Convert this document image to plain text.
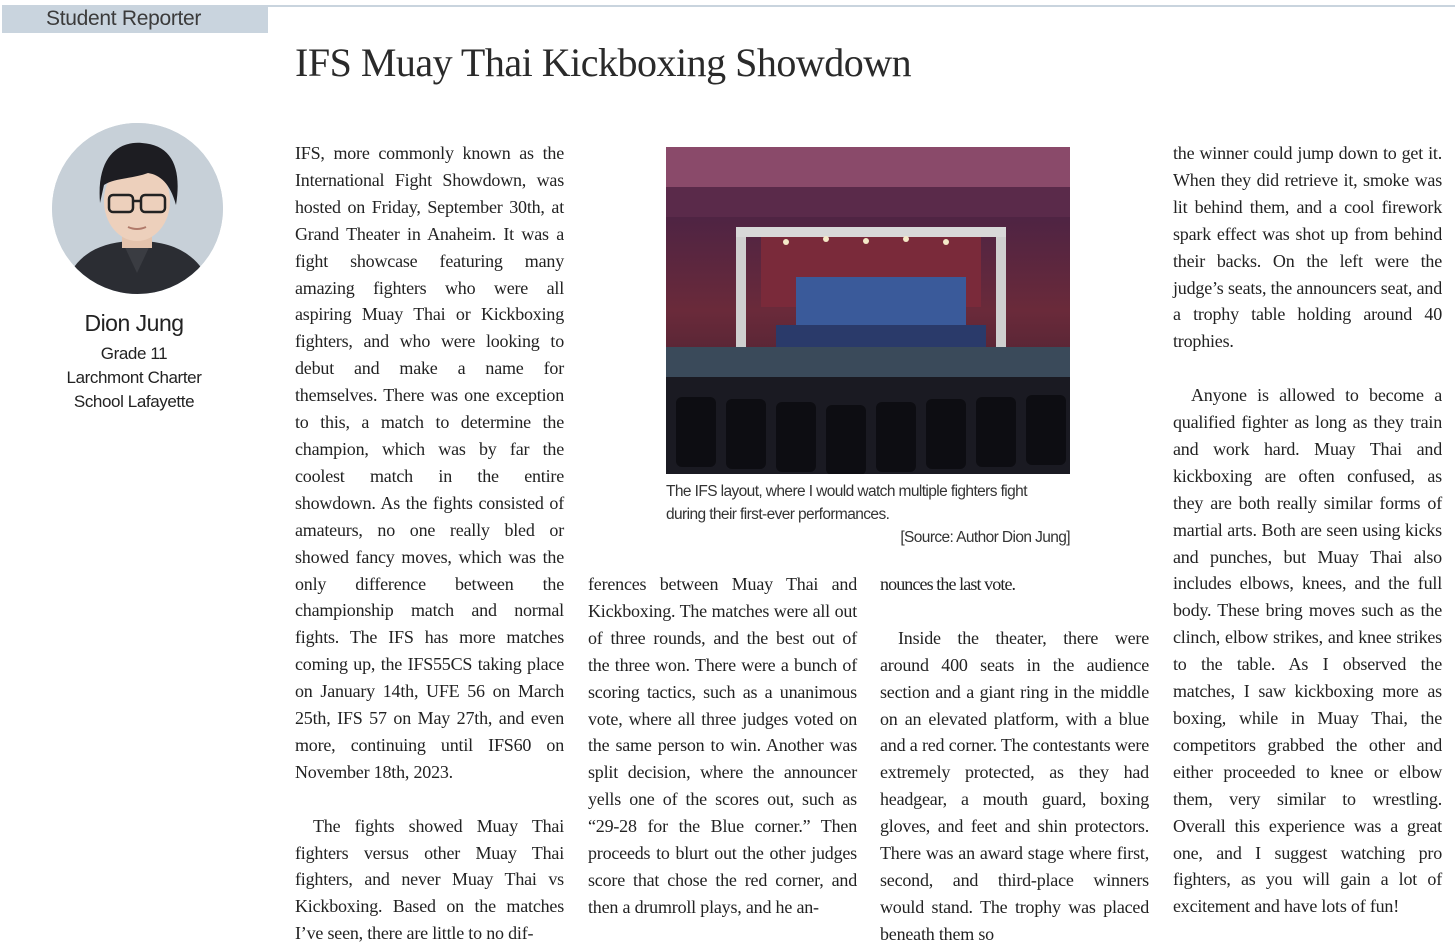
Student Reporter
IFS Muay Thai Kickboxing Showdown
Dion Jung
Grade 11
Larchmont Charter
School Lafayette

IFS, more commonly known as the International Fight Showdown, was hosted on Friday, September 30th, at Grand Theater in Anaheim. It was a fight showcase featuring many amazing fighters who were all aspiring Muay Thai or Kickboxing fighters, and who were looking to debut and make a name for themselves. There was one exception to this, a match to determine the champion, which was by far the coolest match in the entire showdown. As the fights consisted of amateurs, no one really bled or showed fancy moves, which was the only difference between the championship match and normal fights. The IFS has more matches coming up, the IFS55CS taking place on January 14th, UFE 56 on March 25th, IFS 57 on May 27th, and even more, continuing until IFS60 on November 18th, 2023.

The fights showed Muay Thai fighters versus other Muay Thai fighters, and never Muay Thai vs Kickboxing. Based on the matches I’ve seen, there are little to no dif-

The IFS layout, where I would watch multiple fighters fight during their first-ever performances.
[Source: Author Dion Jung]

ferences between Muay Thai and Kickboxing. The matches were all out of three rounds, and the best out of the three won. There were a bunch of scoring tactics, such as a unanimous vote, where all three judges voted on the same person to win. Another was split decision, where the announcer yells one of the scores out, such as “29-28 for the Blue corner.” Then proceeds to blurt out the other judges score that chose the red corner, and then a drumroll plays, and he an-

nounces the last vote.

Inside the theater, there were around 400 seats in the audience section and a giant ring in the middle on an elevated platform, with a blue and a red corner. The contestants were extremely protected, as they had headgear, a mouth guard, boxing gloves, and feet and shin protectors. There was an award stage where first, second, and third-place winners would stand. The trophy was placed beneath them so

the winner could jump down to get it. When they did retrieve it, smoke was lit behind them, and a cool firework spark effect was shot up from behind their backs. On the left were the judge’s seats, the announcers seat, and a trophy table holding around 40 trophies.

Anyone is allowed to become a qualified fighter as long as they train and work hard. Muay Thai and kickboxing are often confused, as they are both really similar forms of martial arts. Both are seen using kicks and punches, but Muay Thai also includes elbows, knees, and the full body. These bring moves such as the clinch, elbow strikes, and knee strikes to the table. As I observed the matches, I saw kickboxing more as boxing, while in Muay Thai, the competitors grabbed the other and either proceeded to knee or elbow them, very similar to wrestling. Overall this experience was a great one, and I suggest watching pro fighters, as you will gain a lot of excitement and have lots of fun!
